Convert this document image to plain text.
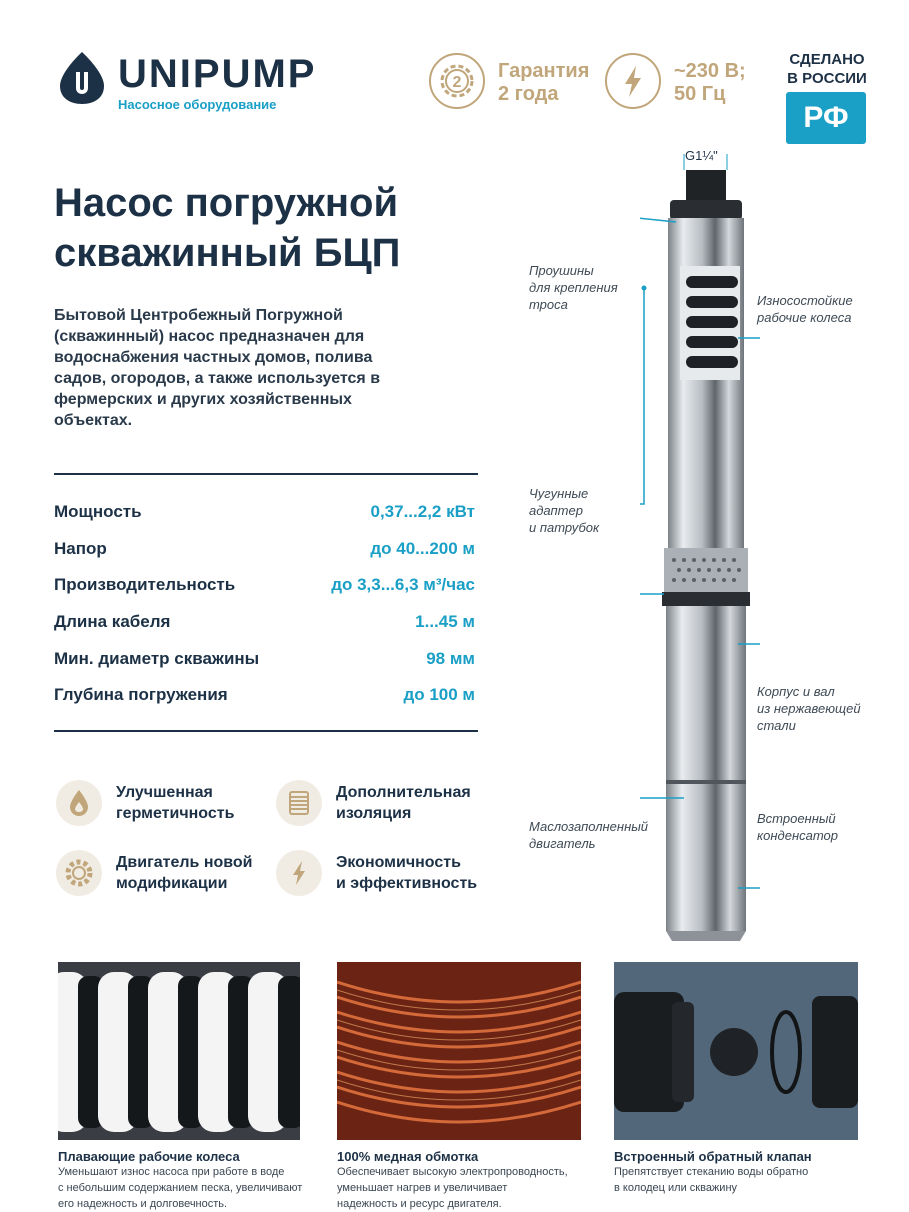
UNIPUMP
Насосное оборудование
2
Гарантия
2 года
~230 В;
50 Гц
СДЕЛАНО
В РОССИИ
РФ
Насос погружной
скважинный БЦП
Бытовой Центробежный Погружной (скважинный) насос предназначен для водоснабжения частных домов, полива садов, огородов, а также используется в фермерских и других хозяйственных объектах.
Мощность	0,37...2,2 кВт
Напор	до 40...200 м
Производительность	до 3,3...6,3 м³/час
Длина кабеля	1...45 м
Мин. диаметр скважины	98 мм
Глубина погружения	до 100 м
Улучшенная
герметичность
Дополнительная
изоляция
Двигатель новой
модификации
Экономичность
и эффективность
G1¼"
Проушины
для крепления
троса	Износостойкие
рабочие колеса
Чугунные
адаптер
и патрубок
Корпус и вал
из нержавеющей
стали
Маслозаполненный
двигатель
Встроенный
конденсатор
Плавающие рабочие колеса
Уменьшают износ насоса при работе в воде
с небольшим содержанием песка, увеличивают
его надежность и долговечность.
100% медная обмотка
Обеспечивает высокую электропроводность,
уменьшает нагрев и увеличивает
надежность и ресурс двигателя.
Встроенный обратный клапан
Препятствует стеканию воды обратно
в колодец или скважину
